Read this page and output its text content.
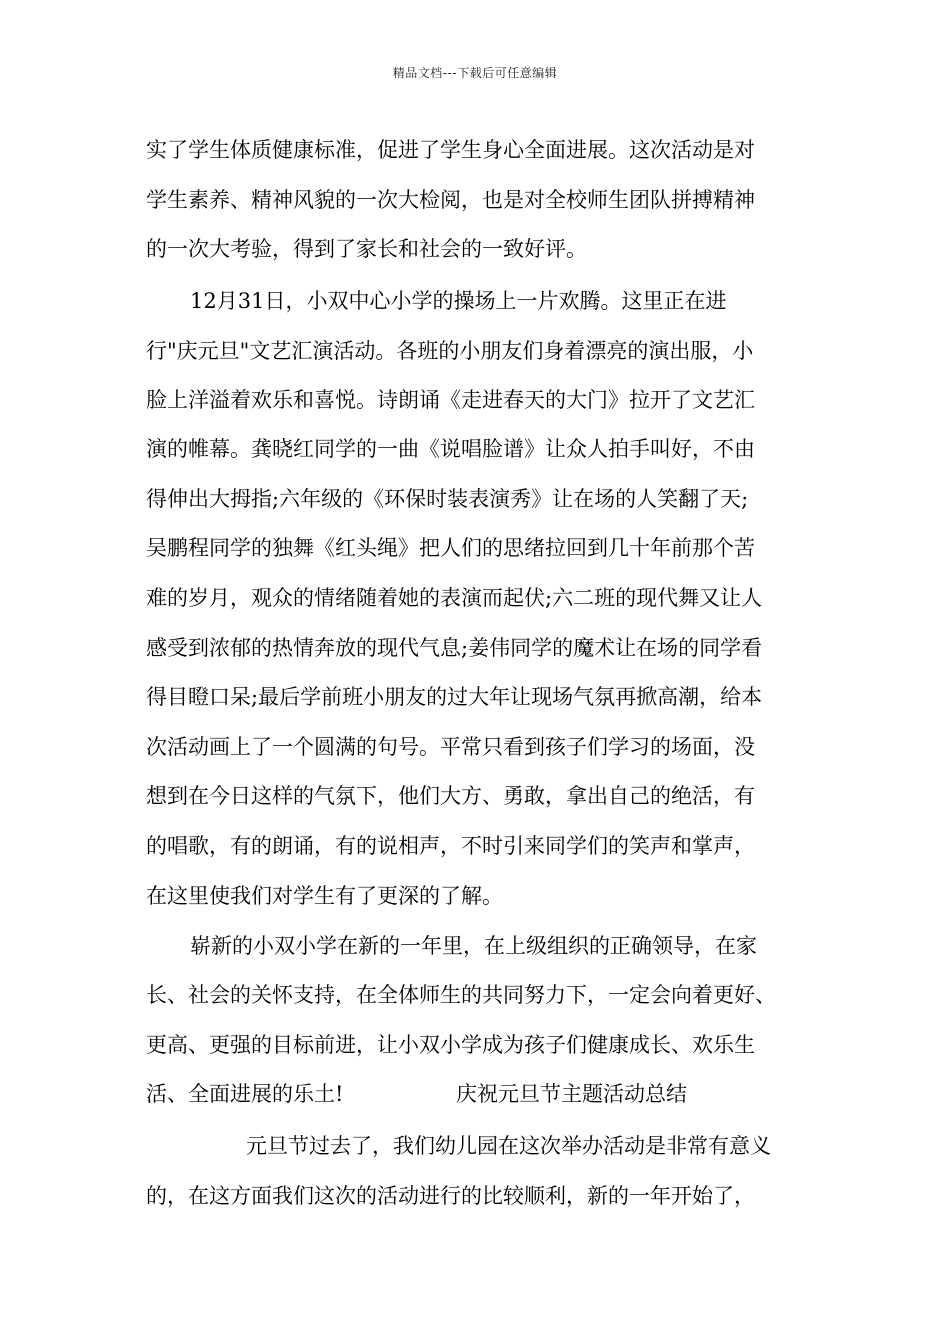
精品文档---下载后可任意编辑
实了学生体质健康标准，促进了学生身心全面进展。这次活动是对
学生素养、精神风貌的一次大检阅，也是对全校师生团队拼搏精神
的一次大考验，得到了家长和社会的一致好评。
12月31日，小双中心小学的操场上一片欢腾。这里正在进
行"庆元旦"文艺汇演活动。各班的小朋友们身着漂亮的演出服，小
脸上洋溢着欢乐和喜悦。诗朗诵《走进春天的大门》拉开了文艺汇
演的帷幕。龚晓红同学的一曲《说唱脸谱》让众人拍手叫好，不由
得伸出大拇指;六年级的《环保时装表演秀》让在场的人笑翻了天;
吴鹏程同学的独舞《红头绳》把人们的思绪拉回到几十年前那个苦
难的岁月，观众的情绪随着她的表演而起伏;六二班的现代舞又让人
感受到浓郁的热情奔放的现代气息;姜伟同学的魔术让在场的同学看
得目瞪口呆;最后学前班小朋友的过大年让现场气氛再掀高潮，给本
次活动画上了一个圆满的句号。平常只看到孩子们学习的场面，没
想到在今日这样的气氛下，他们大方、勇敢，拿出自己的绝活，有
的唱歌，有的朗诵，有的说相声，不时引来同学们的笑声和掌声，
在这里使我们对学生有了更深的了解。
崭新的小双小学在新的一年里，在上级组织的正确领导，在家
长、社会的关怀支持，在全体师生的共同努力下，一定会向着更好、
更高、更强的目标前进，让小双小学成为孩子们健康成长、欢乐生
活、全面进展的乐土!	庆祝元旦节主题活动总结
元旦节过去了，我们幼儿园在这次举办活动是非常有意义
的，在这方面我们这次的活动进行的比较顺利，新的一年开始了，
